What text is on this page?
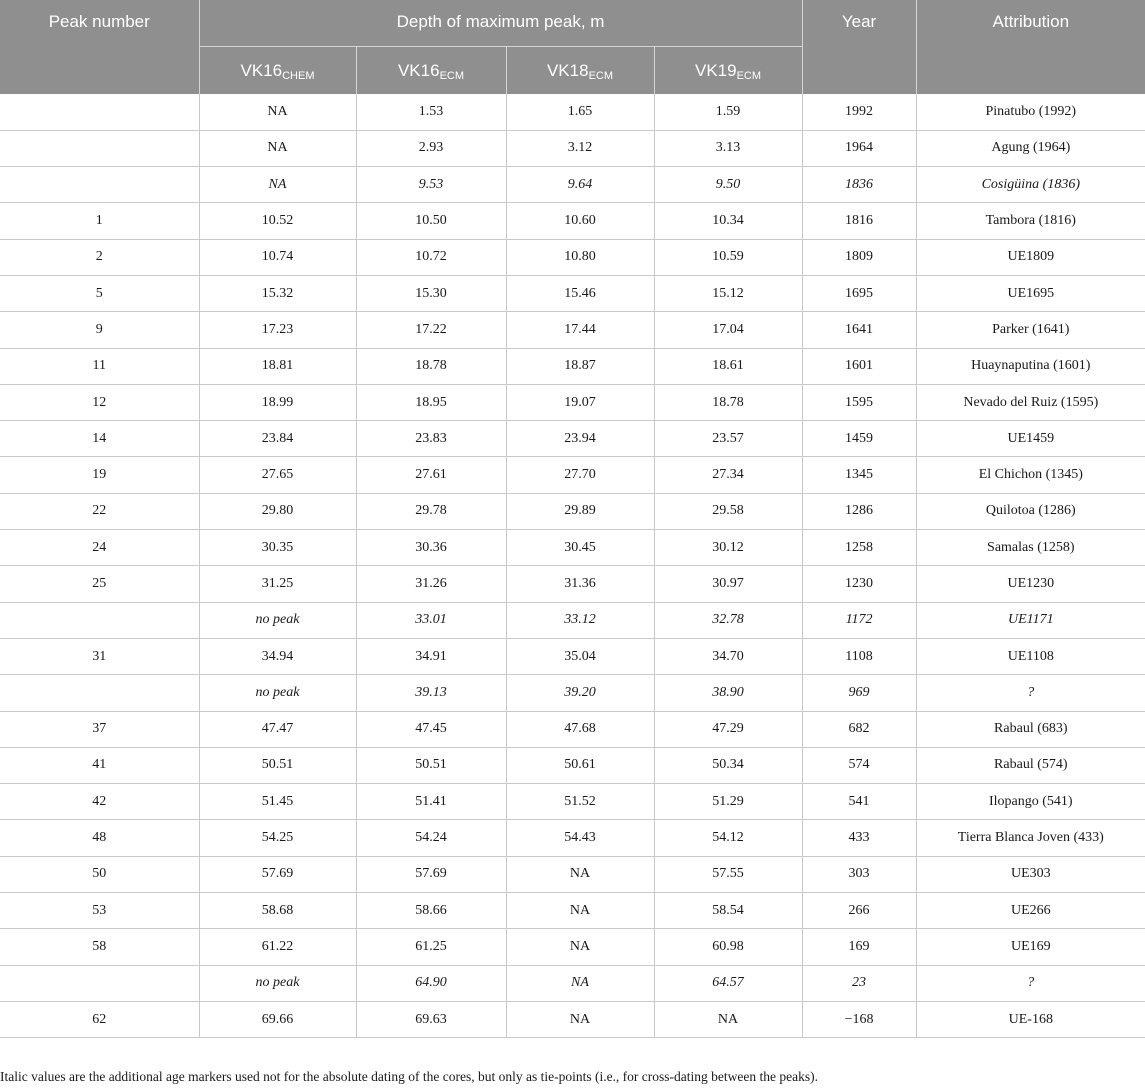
Peak number	Depth of maximum peak, m				Year	Attribution
	$VK16_{CHEM}$	$VK16_{ECM}$	$VK18_{ECM}$	$VK19_{ECM}$
	NA	1.53	1.65	1.59	1992	Pinatubo (1992)
	NA	2.93	3.12	3.13	1964	Agung (1964)
	NA	9.53	9.64	9.50	1836	Cosigüina (1836)
1	10.52	10.50	10.60	10.34	1816	Tambora (1816)
2	10.74	10.72	10.80	10.59	1809	UE1809
5	15.32	15.30	15.46	15.12	1695	UE1695
9	17.23	17.22	17.44	17.04	1641	Parker (1641)
11	18.81	18.78	18.87	18.61	1601	Huaynaputina (1601)
12	18.99	18.95	19.07	18.78	1595	Nevado del Ruiz (1595)
14	23.84	23.83	23.94	23.57	1459	UE1459
19	27.65	27.61	27.70	27.34	1345	El Chichon (1345)
22	29.80	29.78	29.89	29.58	1286	Quilotoa (1286)
24	30.35	30.36	30.45	30.12	1258	Samalas (1258)
25	31.25	31.26	31.36	30.97	1230	UE1230
	no peak	33.01	33.12	32.78	1172	UE1171
31	34.94	34.91	35.04	34.70	1108	UE1108
	no peak	39.13	39.20	38.90	969	?
37	47.47	47.45	47.68	47.29	682	Rabaul (683)
41	50.51	50.51	50.61	50.34	574	Rabaul (574)
42	51.45	51.41	51.52	51.29	541	Ilopango (541)
48	54.25	54.24	54.43	54.12	433	Tierra Blanca Joven (433)
50	57.69	57.69	NA	57.55	303	UE303
53	58.68	58.66	NA	58.54	266	UE266
58	61.22	61.25	NA	60.98	169	UE169
	no peak	64.90	NA	64.57	23	?
62	69.66	69.63	NA	NA	−168	UE-168
Italic values are the additional age markers used not for the absolute dating of the cores, but only as tie-points (i.e., for cross-dating between the peaks).
